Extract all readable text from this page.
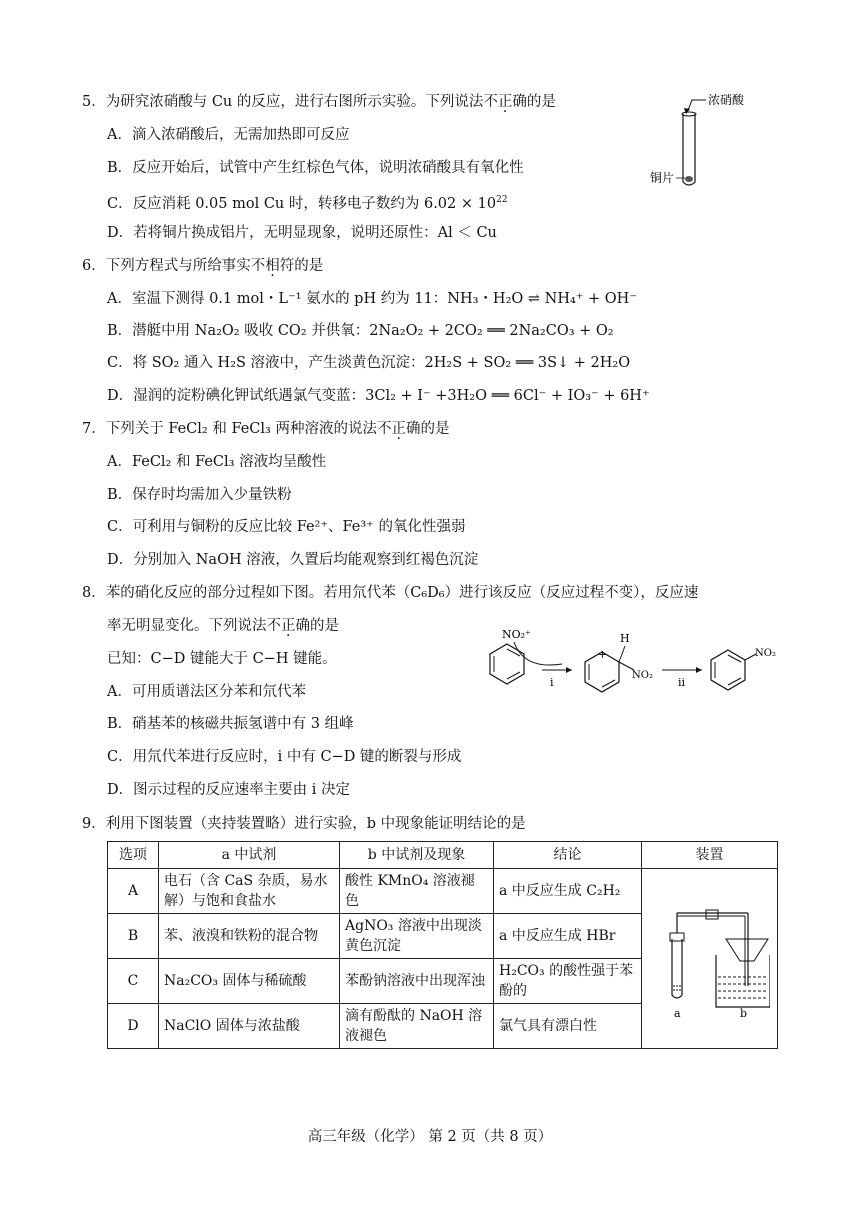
5．为研究浓硝酸与 Cu 的反应，进行右图所示实验。下列说法不正确的是
A．滴入浓硝酸后，无需加热即可反应
B．反应开始后，试管中产生红棕色气体，说明浓硝酸具有氧化性
C．反应消耗 0.05 mol Cu 时，转移电子数约为 $6.02 \times 10^{22}$
D．若将铜片换成铝片，无明显现象，说明还原性：Al ＜ Cu
浓硝酸
铜片
6．下列方程式与所给事实不相符的是
A．室温下测得 0.1 mol・L⁻¹ 氨水的 pH 约为 11：NH₃・H₂O ⇌ NH₄⁺ + OH⁻
B．潜艇中用 Na₂O₂ 吸收 CO₂ 并供氧：2Na₂O₂ + 2CO₂ ══ 2Na₂CO₃ + O₂
C．将 SO₂ 通入 H₂S 溶液中，产生淡黄色沉淀：2H₂S + SO₂ ══ 3S↓ + 2H₂O
D．湿润的淀粉碘化钾试纸遇氯气变蓝：3Cl₂ + I⁻ +3H₂O ══ 6Cl⁻ + IO₃⁻ + 6H⁺
7．下列关于 FeCl₂ 和 FeCl₃ 两种溶液的说法不正确的是
A．FeCl₂ 和 FeCl₃ 溶液均呈酸性
B．保存时均需加入少量铁粉
C．可利用与铜粉的反应比较 Fe²⁺、Fe³⁺ 的氧化性强弱
D．分别加入 NaOH 溶液，久置后均能观察到红褐色沉淀
8．苯的硝化反应的部分过程如下图。若用氘代苯（C₆D₆）进行该反应（反应过程不变），反应速
率无明显变化。下列说法不正确的是
已知：C−D 键能大于 C−H 键能。
A．可用质谱法区分苯和氘代苯
B．硝基苯的核磁共振氢谱中有 3 组峰
C．用氘代苯进行反应时，i 中有 C−D 键的断裂与形成
D．图示过程的反应速率主要由 i 决定
NO₂⁺
i
+
H
NO₂
ii
NO₂
9．利用下图装置（夹持装置略）进行实验，b 中现象能证明结论的是
选项	a 中试剂	b 中试剂及现象	结论	装置
A	电石（含 CaS 杂质，易水解）与饱和食盐水	酸性 KMnO₄ 溶液褪色	a 中反应生成 C₂H₂	a b

B	苯、液溴和铁粉的混合物	AgNO₃ 溶液中出现淡黄色沉淀	a 中反应生成 HBr	
C	Na₂CO₃ 固体与稀硫酸	苯酚钠溶液中出现浑浊	H₂CO₃ 的酸性强于苯酚的	
D	NaClO 固体与浓盐酸	滴有酚酞的 NaOH 溶液褪色	氯气具有漂白性	
高三年级（化学） 第 2 页（共 8 页）
